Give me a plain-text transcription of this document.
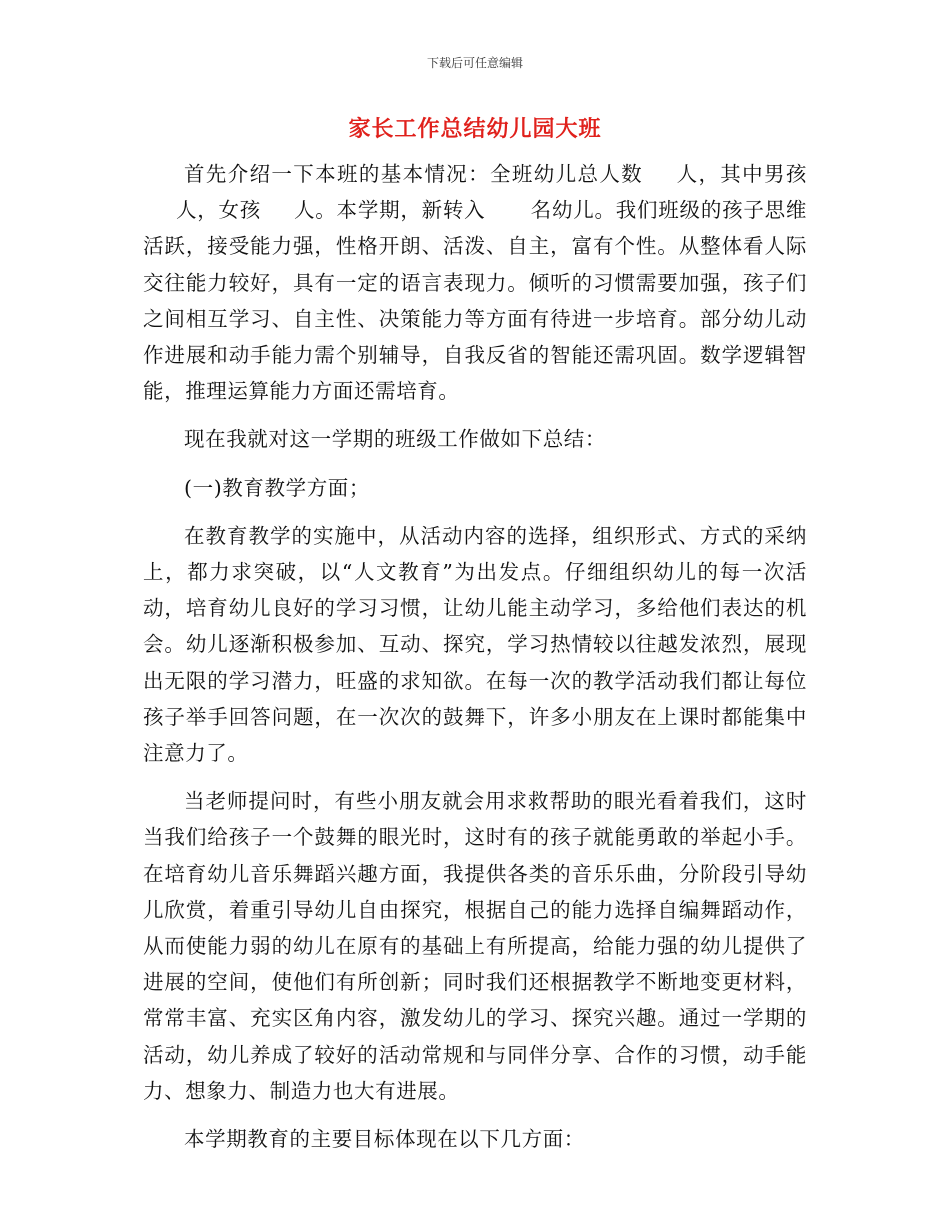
下载后可任意编辑
家长工作总结幼儿园大班

首先介绍一下本班的基本情况：全班幼儿总人数 人，其中男孩人，女孩 人。本学期，新转入 名幼儿。我们班级的孩子思维活跃，接受能力强，性格开朗、活泼、自主，富有个性。从整体看人际交往能力较好，具有一定的语言表现力。倾听的习惯需要加强，孩子们之间相互学习、自主性、决策能力等方面有待进一步培育。部分幼儿动作进展和动手能力需个别辅导，自我反省的智能还需巩固。数学逻辑智能，推理运算能力方面还需培育。

现在我就对这一学期的班级工作做如下总结：

(一)教育教学方面；

在教育教学的实施中，从活动内容的选择，组织形式、方式的采纳上，都力求突破，以“人文教育”为出发点。仔细组织幼儿的每一次活动，培育幼儿良好的学习习惯，让幼儿能主动学习，多给他们表达的机会。幼儿逐渐积极参加、互动、探究，学习热情较以往越发浓烈，展现出无限的学习潜力，旺盛的求知欲。在每一次的教学活动我们都让每位孩子举手回答问题，在一次次的鼓舞下，许多小朋友在上课时都能集中注意力了。

当老师提问时，有些小朋友就会用求救帮助的眼光看着我们，这时当我们给孩子一个鼓舞的眼光时，这时有的孩子就能勇敢的举起小手。在培育幼儿音乐舞蹈兴趣方面，我提供各类的音乐乐曲，分阶段引导幼儿欣赏，着重引导幼儿自由探究，根据自己的能力选择自编舞蹈动作，从而使能力弱的幼儿在原有的基础上有所提高，给能力强的幼儿提供了进展的空间，使他们有所创新；同时我们还根据教学不断地变更材料，常常丰富、充实区角内容，激发幼儿的学习、探究兴趣。通过一学期的活动，幼儿养成了较好的活动常规和与同伴分享、合作的习惯，动手能力、想象力、制造力也大有进展。

本学期教育的主要目标体现在以下几方面：
